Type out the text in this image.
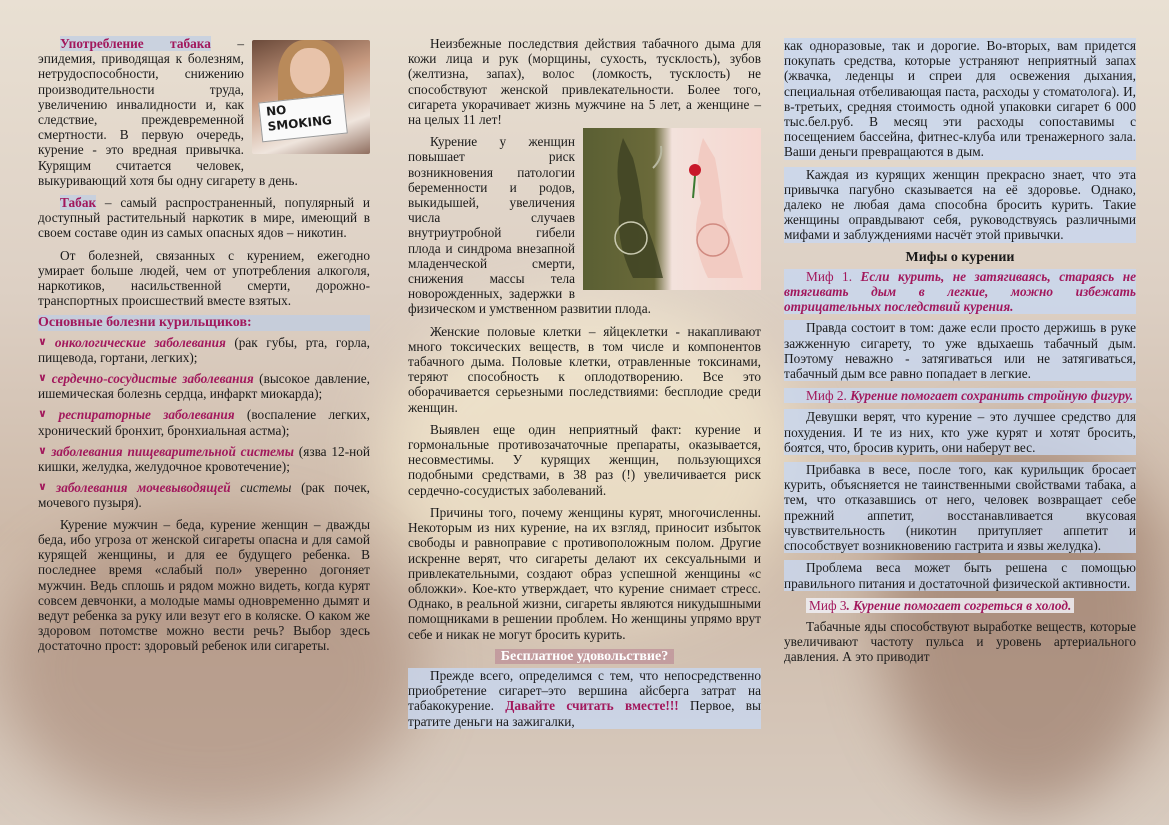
NO SMOKING

Употребление табака – эпидемия, приводящая к болезням, нетрудоспособности, снижению производительности труда, увеличению инвалидности и, как следствие, преждевременной смертности. В первую очередь, курение - это вредная привычка. Курящим считается человек, выкуривающий хотя бы одну сигарету в день.

Табак – самый распространенный, популярный и доступный растительный наркотик в мире, имеющий в своем составе один из самых опасных ядов – никотин.

От болезней, связанных с курением, ежегодно умирает больше людей, чем от употребления алкоголя, наркотиков, насильственной смерти, дорожно-транспортных происшествий вместе взятых.

Основные болезни курильщиков:
∨ онкологические заболевания (рак губы, рта, горла, пищевода, гортани, легких);
∨ сердечно-сосудистые заболевания (высокое давление, ишемическая болезнь сердца, инфаркт миокарда);
∨ респираторные заболевания (воспаление легких, хронический бронхит, бронхиальная астма);
∨ заболевания пищеварительной системы (язва 12-ной кишки, желудка, желудочное кровотечение);
∨ заболевания мочевыводящей системы (рак почек, мочевого пузыря).

Курение мужчин – беда, курение женщин – дважды беда, ибо угроза от женской сигареты опасна и для самой курящей женщины, и для ее будущего ребенка. В последнее время «слабый пол» уверенно догоняет мужчин. Ведь сплошь и рядом можно видеть, когда курят совсем девчонки, а молодые мамы одновременно дымят и ведут ребенка за руку или везут его в коляске. О каком же здоровом потомстве можно вести речь? Выбор здесь достаточно прост: здоровый ребенок или сигареты.

Неизбежные последствия действия табачного дыма для кожи лица и рук (морщины, сухость, тусклость), зубов (желтизна, запах), волос (ломкость, тусклость) не способствуют женской привлекательности. Более того, сигарета укорачивает жизнь мужчине на 5 лет, а женщине – на целых 11 лет!

Курение у женщин повышает риск возникновения патологии беременности и родов, выкидышей, увеличения числа случаев внутриутробной гибели плода и синдрома внезапной младенческой смерти, снижения массы тела новорожденных, задержки в физическом и умственном развитии плода.

Женские половые клетки – яйцеклетки - накапливают много токсических веществ, в том числе и компонентов табачного дыма. Половые клетки, отравленные токсинами, теряют способность к оплодотворению. Все это оборачивается серьезными последствиями: бесплодие среди женщин.

Выявлен еще один неприятный факт: курение и гормональные противозачаточные препараты, оказывается, несовместимы. У курящих женщин, пользующихся подобными средствами, в 38 раз (!) увеличивается риск сердечно-сосудистых заболеваний.

Причины того, почему женщины курят, многочисленны. Некоторым из них курение, на их взгляд, приносит избыток свободы и равноправие с противоположным полом. Другие искренне верят, что сигареты делают их сексуальными и привлекательными, создают образ успешной женщины «с обложки». Кое-кто утверждает, что курение снимает стресс. Однако, в реальной жизни, сигареты являются никудышными помощниками в решении проблем. Но женщины упрямо врут себе и никак не могут бросить курить.

Бесплатное удовольствие?

Прежде всего, определимся с тем, что непосредственно приобретение сигарет–это вершина айсберга затрат на табакокурение. Давайте считать вместе!!! Первое, вы тратите деньги на зажигалки,

как одноразовые, так и дорогие. Во-вторых, вам придется покупать средства, которые устраняют неприятный запах (жвачка, леденцы и спреи для освежения дыхания, специальная отбеливающая паста, расходы у стоматолога). И, в-третьих, средняя стоимость одной упаковки сигарет 6 000 тыс.бел.руб. В месяц эти расходы сопоставимы с посещением бассейна, фитнес-клуба или тренажерного зала. Ваши деньги превращаются в дым.

Каждая из курящих женщин прекрасно знает, что эта привычка пагубно сказывается на её здоровье. Однако, далеко не любая дама способна бросить курить. Такие женщины оправдывают себя, руководствуясь различными мифами и заблуждениями насчёт этой привычки.

Мифы о курении
Миф 1. Если курить, не затягиваясь, стараясь не втягивать дым в легкие, можно избежать отрицательных последствий курения.

Правда состоит в том: даже если просто держишь в руке зажженную сигарету, то уже вдыхаешь табачный дым. Поэтому неважно - затягиваться или не затягиваться, табачный дым все равно попадает в легкие.

Миф 2. Курение помогает сохранить стройную фигуру.

Девушки верят, что курение – это лучшее средство для похудения. И те из них, кто уже курят и хотят бросить, боятся, что, бросив курить, они наберут вес.

Прибавка в весе, после того, как курильщик бросает курить, объясняется не таинственными свойствами табака, а тем, что отказавшись от него, человек возвращает себе прежний аппетит, восстанавливается вкусовая чувствительность (никотин притупляет аппетит и способствует возникновению гастрита и язвы желудка).

Проблема веса может быть решена с помощью правильного питания и достаточной физической активности.

Миф 3. Курение помогает согреться в холод.

Табачные яды способствуют выработке веществ, которые увеличивают частоту пульса и уровень артериального давления. А это приводит
